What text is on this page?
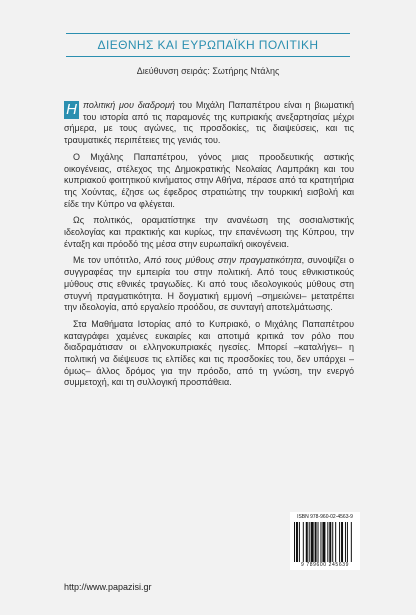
ΔΙΕΘΝΗΣ ΚΑΙ ΕΥΡΩΠΑΪΚΗ ΠΟΛΙΤΙΚΗ
Διεύθυνση σειράς: Σωτήρης Ντάλης

Η πολιτική μου διαδρομή του Μιχάλη Παπαπέτρου είναι η βιωματική του ιστορία από τις παραμονές της κυπριακής ανεξαρτησίας μέχρι σήμερα, με τους αγώνες, τις προσδοκίες, τις διαψεύσεις, και τις τραυματικές περιπέτειες της γενιάς του.

Ο Μιχάλης Παπαπέτρου, γόνος μιας προοδευτικής αστικής οικογένειας, στέλεχος της Δημοκρατικής Νεολαίας Λαμπράκη και του κυπριακού φοιτητικού κινήματος στην Αθήνα, πέρασε από τα κρατητήρια της Χούντας, έζησε ως έφεδρος στρατιώτης την τουρκική εισβολή και είδε την Κύπρο να φλέγεται.

Ως πολιτικός, οραματίστηκε την ανανέωση της σοσιαλιστικής ιδεολογίας και πρακτικής και κυρίως, την επανένωση της Κύπρου, την ένταξη και πρόοδό της μέσα στην ευρωπαϊκή οικογένεια.

Με τον υπότιτλο, Από τους μύθους στην πραγματικότητα, συνοψίζει ο συγγραφέας την εμπειρία του στην πολιτική. Από τους εθνικιστικούς μύθους στις εθνικές τραγωδίες. Κι από τους ιδεολογικούς μύθους στη στυγνή πραγματικότητα. Η δογματική εμμονή –σημειώνει– μετατρέπει την ιδεολογία, από εργαλείο προόδου, σε συνταγή αποτελμάτωσης.

Στα Μαθήματα Ιστορίας από το Κυπριακό, ο Μιχάλης Παπαπέτρου καταγράφει χαμένες ευκαιρίες και αποτιμά κριτικά τον ρόλο που διαδραμάτισαν οι ελληνοκυπριακές ηγεσίες. Μπορεί –καταλήγει– η πολιτική να διέψευσε τις ελπίδες και τις προσδοκίες του, δεν υπάρχει –όμως– άλλος δρόμος για την πρόοδο, από τη γνώση, την ενεργό συμμετοχή, και τη συλλογική προσπάθεια.

ISBN 978-960-02-4563-9
9 789600 245639
http://www.papazisi.gr
